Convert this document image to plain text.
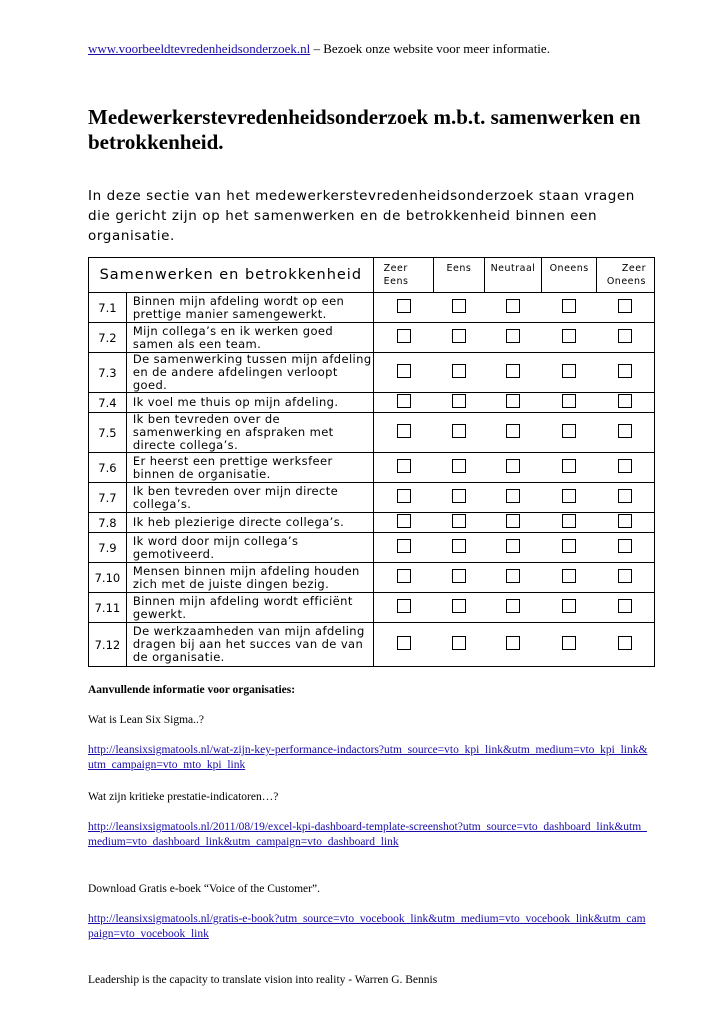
www.voorbeeldtevredenheidsonderzoek.nl – Bezoek onze website voor meer informatie.
Medewerkerstevredenheidsonderzoek m.b.t. samenwerken en betrokkenheid.
In deze sectie van het medewerkerstevredenheidsonderzoek staan vragen die gericht zijn op het samenwerken en de betrokkenheid binnen een organisatie.
Samenwerken en betrokkenheid		Zeer Eens	Eens	Neutraal	Oneens	Zeer Oneens
7.1	Binnen mijn afdeling wordt op een prettige manier samengewerkt.					
7.2	Mijn collega’s en ik werken goed samen als een team.					
7.3	De samenwerking tussen mijn afdeling en de andere afdelingen verloopt goed.					
7.4	Ik voel me thuis op mijn afdeling.					
7.5	Ik ben tevreden over de samenwerking en afspraken met directe collega’s.					
7.6	Er heerst een prettige werksfeer binnen de organisatie.					
7.7	Ik ben tevreden over mijn directe collega’s.					
7.8	Ik heb plezierige directe collega’s.					
7.9	Ik word door mijn collega’s gemotiveerd.					
7.10	Mensen binnen mijn afdeling houden zich met de juiste dingen bezig.					
7.11	Binnen mijn afdeling wordt efficiënt gewerkt.					
7.12	De werkzaamheden van mijn afdeling dragen bij aan het succes van de van de organisatie.					
Aanvullende informatie voor organisaties:
Wat is Lean Six Sigma..?
http://leansixsigmatools.nl/wat-zijn-key-performance-indactors?utm_source=vto_kpi_link&utm_medium=vto_kpi_link&utm_campaign=vto_mto_kpi_link
Wat zijn kritieke prestatie-indicatoren…?
http://leansixsigmatools.nl/2011/08/19/excel-kpi-dashboard-template-screenshot?utm_source=vto_dashboard_link&utm_medium=vto_dashboard_link&utm_campaign=vto_dashboard_link
Download Gratis e-boek “Voice of the Customer”.
http://leansixsigmatools.nl/gratis-e-book?utm_source=vto_vocebook_link&utm_medium=vto_vocebook_link&utm_campaign=vto_vocebook_link
Leadership is the capacity to translate vision into reality - Warren G. Bennis
